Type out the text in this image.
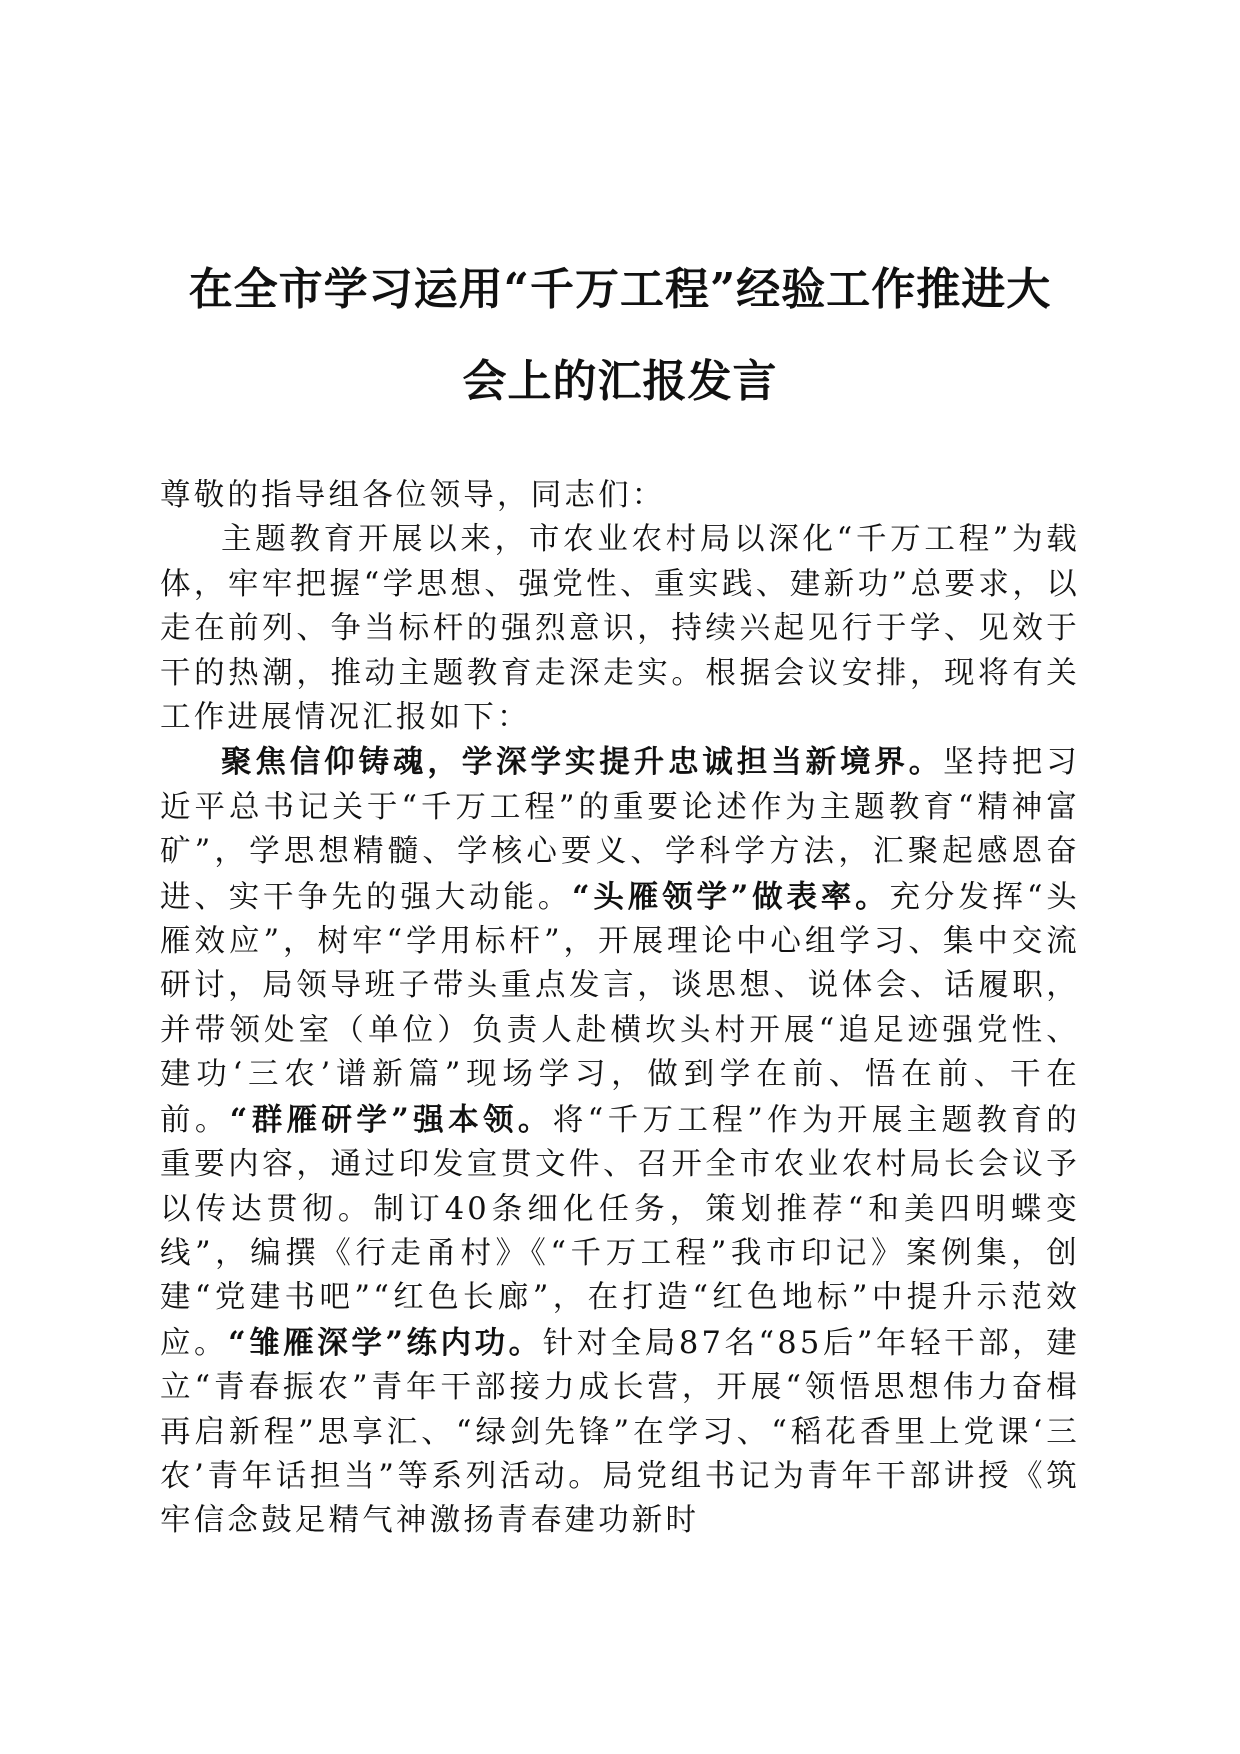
在全市学习运用“千万工程”经验工作推进大
会上的汇报发言

尊敬的指导组各位领导，同志们：

主题教育开展以来，市农业农村局以深化“千万工程”为载体，牢牢把握“学思想、强党性、重实践、建新功”总要求，以走在前列、争当标杆的强烈意识，持续兴起见行于学、见效于干的热潮，推动主题教育走深走实。根据会议安排，现将有关工作进展情况汇报如下：

聚焦信仰铸魂，学深学实提升忠诚担当新境界。坚持把习近平总书记关于“千万工程”的重要论述作为主题教育“精神富矿”，学思想精髓、学核心要义、学科学方法，汇聚起感恩奋进、实干争先的强大动能。“头雁领学”做表率。充分发挥“头雁效应”，树牢“学用标杆”，开展理论中心组学习、集中交流研讨，局领导班子带头重点发言，谈思想、说体会、话履职，并带领处室（单位）负责人赴横坎头村开展“追足迹强党性、建功‘三农’谱新篇”现场学习，做到学在前、悟在前、干在前。“群雁研学”强本领。将“千万工程”作为开展主题教育的重要内容，通过印发宣贯文件、召开全市农业农村局长会议予以传达贯彻。制订40条细化任务，策划推荐“和美四明蝶变线”，编撰《行走甬村》《“千万工程”我市印记》案例集，创建“党建书吧”“红色长廊”，在打造“红色地标”中提升示范效应。“雏雁深学”练内功。针对全局87名“85后”年轻干部，建立“青春振农”青年干部接力成长营，开展“领悟思想伟力奋楫再启新程”思享汇、“绿剑先锋”在学习、“稻花香里上党课‘三农’青年话担当”等系列活动。局党组书记为青年干部讲授《筑牢信念鼓足精气神激扬青春建功新时
